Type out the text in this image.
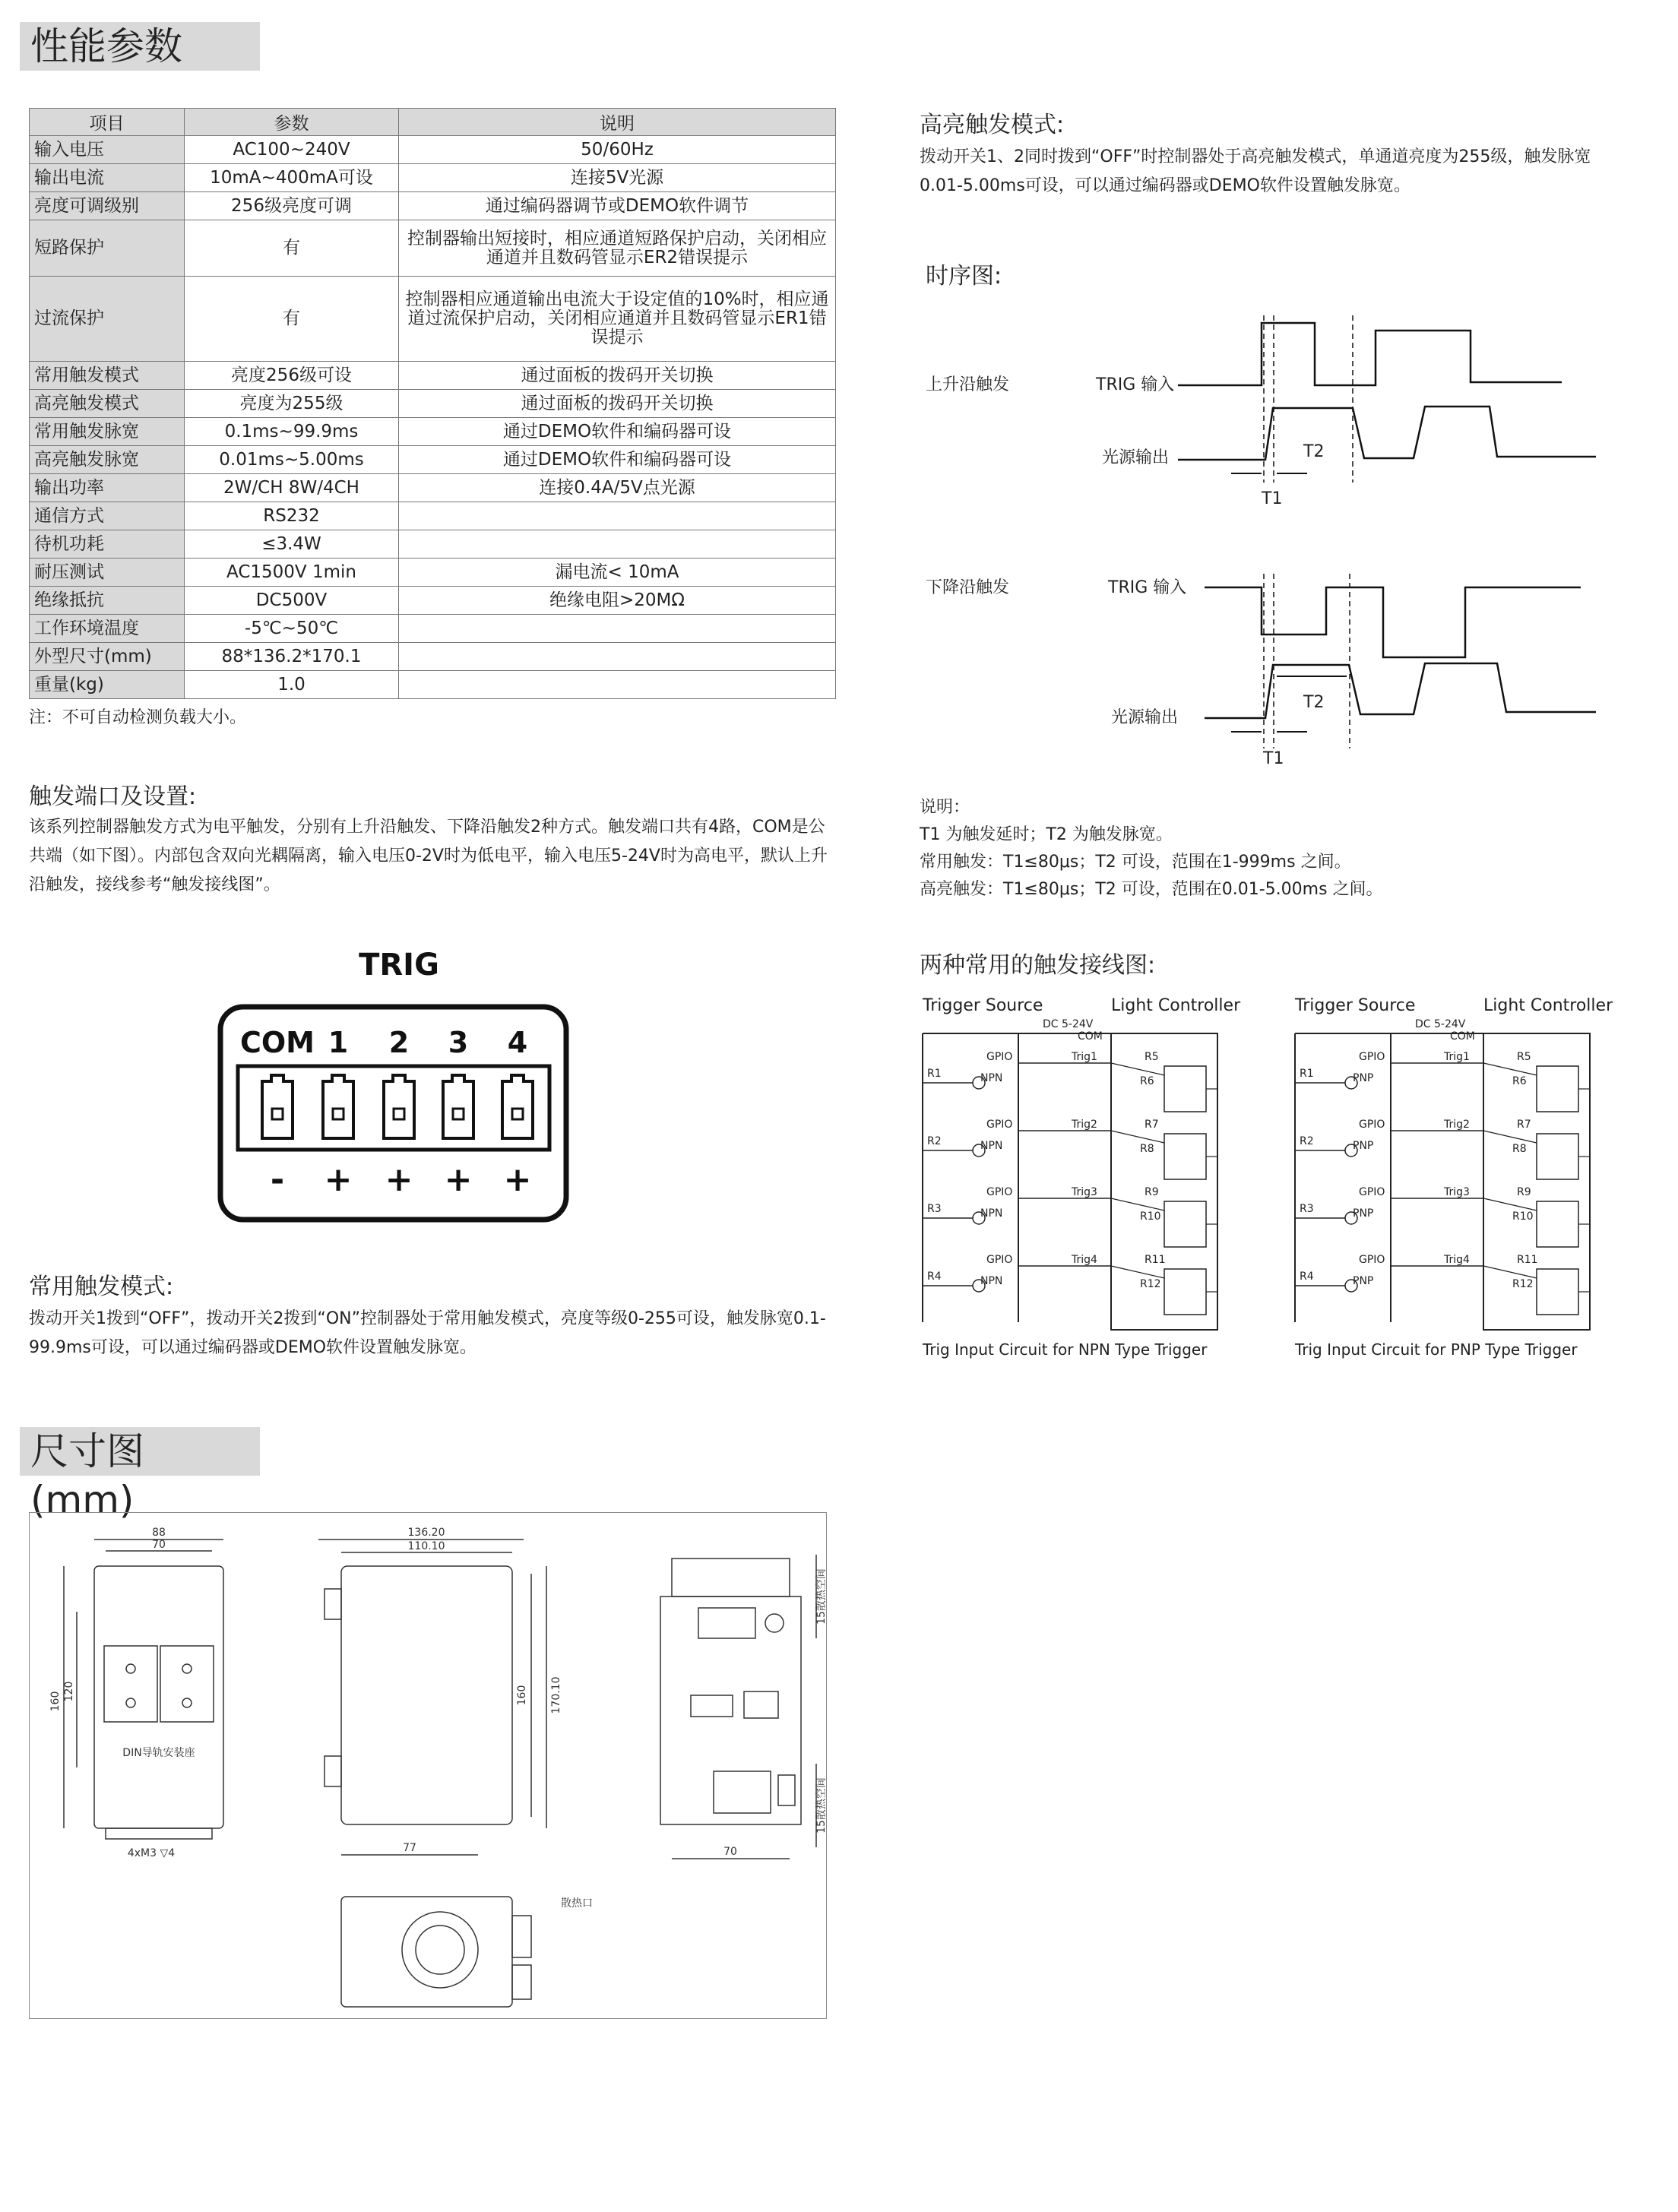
性能参数
项目	参数	说明
输入电压	AC100~240V	50/60Hz
输出电流	10mA~400mA可设	连接5V光源
亮度可调级别	256级亮度可调	通过编码器调节或DEMO软件调节
短路保护	有	控制器输出短接时，相应通道短路保护启动，关闭相应通道并且数码管显示ER2错误提示
过流保护	有	控制器相应通道输出电流大于设定值的10%时，相应通道过流保护启动，关闭相应通道并且数码管显示ER1错误提示
常用触发模式	亮度256级可设	通过面板的拨码开关切换
高亮触发模式	亮度为255级	通过面板的拨码开关切换
常用触发脉宽	0.1ms~99.9ms	通过DEMO软件和编码器可设
高亮触发脉宽	0.01ms~5.00ms	通过DEMO软件和编码器可设
输出功率	2W/CH 8W/4CH	连接0.4A/5V点光源
通信方式	RS232	
待机功耗	≤3.4W	
耐压测试	AC1500V 1min	漏电流< 10mA
绝缘抵抗	DC500V	绝缘电阻>20MΩ
工作环境温度	-5℃~50℃	
外型尺寸(mm)	88*136.2*170.1	
重量(kg)	1.0	
注：不可自动检测负载大小。
触发端口及设置:
该系列控制器触发方式为电平触发，分别有上升沿触发、下降沿触发2种方式。触发端口共有4路，COM是公共端（如下图）。内部包含双向光耦隔离，输入电压0-2V时为低电平，输入电压5-24V时为高电平，默认上升沿触发，接线参考“触发接线图”。
TRIG
COM
-
1
+
2
+
3
+
4
+
常用触发模式:
拨动开关1拨到“OFF”，拨动开关2拨到“ON”控制器处于常用触发模式，亮度等级0-255可设，触发脉宽0.1-99.9ms可设，可以通过编码器或DEMO软件设置触发脉宽。
高亮触发模式:
拨动开关1、2同时拨到“OFF”时控制器处于高亮触发模式，单通道亮度为255级，触发脉宽0.01-5.00ms可设，可以通过编码器或DEMO软件设置触发脉宽。
时序图:
上升沿触发	TRIG 输入
光源输出	T2
T1
下降沿触发	TRIG 输入
光源输出
T2
T1
说明：
T1 为触发延时；T2 为触发脉宽。
常用触发：T1≤80μs；T2 可设，范围在1-999ms 之间。
高亮触发：T1≤80μs；T2 可设，范围在0.01-5.00ms 之间。
两种常用的触发接线图:
Trigger Source	Light Controller
DC 5-24V
COM
GPIO
NPN
R1
Trig1	R5
R6
GPIO
NPN
R2
Trig2	R7
R8
GPIO
NPN
R3
Trig3	R9
R10
GPIO
NPN
R4
Trig4	R11
R12
Trig Input Circuit for NPN Type Trigger
Trigger Source	Light Controller
DC 5-24V
COM
GPIO
PNP
R1
Trig1	R5
R6
GPIO
PNP
R2
Trig2	R7
R8
GPIO
PNP
R3
Trig3	R9
R10
GPIO
PNP
R4
Trig4	R11
R12
Trig Input Circuit for PNP Type Trigger
尺寸图 (mm)
88
70
160 120
DIN导轨安装座
4xM3 ▽4
136.20
110.10
170.10
160
77	70
15散热空间
15散热空间
散热口
